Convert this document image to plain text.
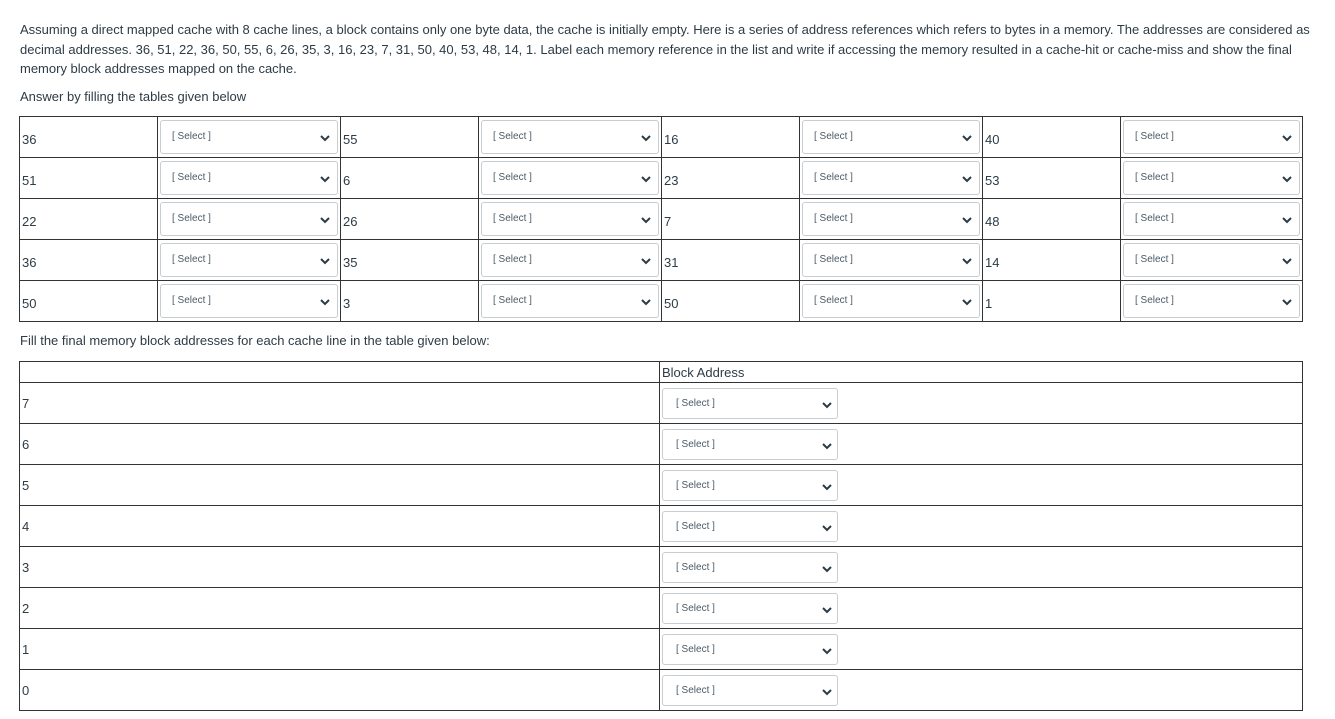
Assuming a direct mapped cache with 8 cache lines, a block contains only one byte data, the cache is initially empty. Here is a series of address references which refers to bytes in a memory. The addresses are considered as decimal addresses. 36, 51, 22, 36, 50, 55, 6, 26, 35, 3, 16, 23, 7, 31, 50, 40, 53, 48, 14, 1. Label each memory reference in the list and write if accessing the memory resulted in a cache-hit or cache-miss and show the final memory block addresses mapped on the cache.
Answer by filling the tables given below
36	[ Select ]	55	[ Select ]	16	[ Select ]	40	[ Select ]

51	[ Select ]	6	[ Select ]	23	[ Select ]	53	[ Select ]

22	[ Select ]	26	[ Select ]	7	[ Select ]	48	[ Select ]

36	[ Select ]	35	[ Select ]	31	[ Select ]	14	[ Select ]

50	[ Select ]	3	[ Select ]	50	[ Select ]	1	[ Select ]
Fill the final memory block addresses for each cache line in the table given below:
	Block Address
7	[ Select ]

6	[ Select ]

5	[ Select ]

4	[ Select ]

3	[ Select ]

2	[ Select ]

1	[ Select ]

0	[ Select ]
